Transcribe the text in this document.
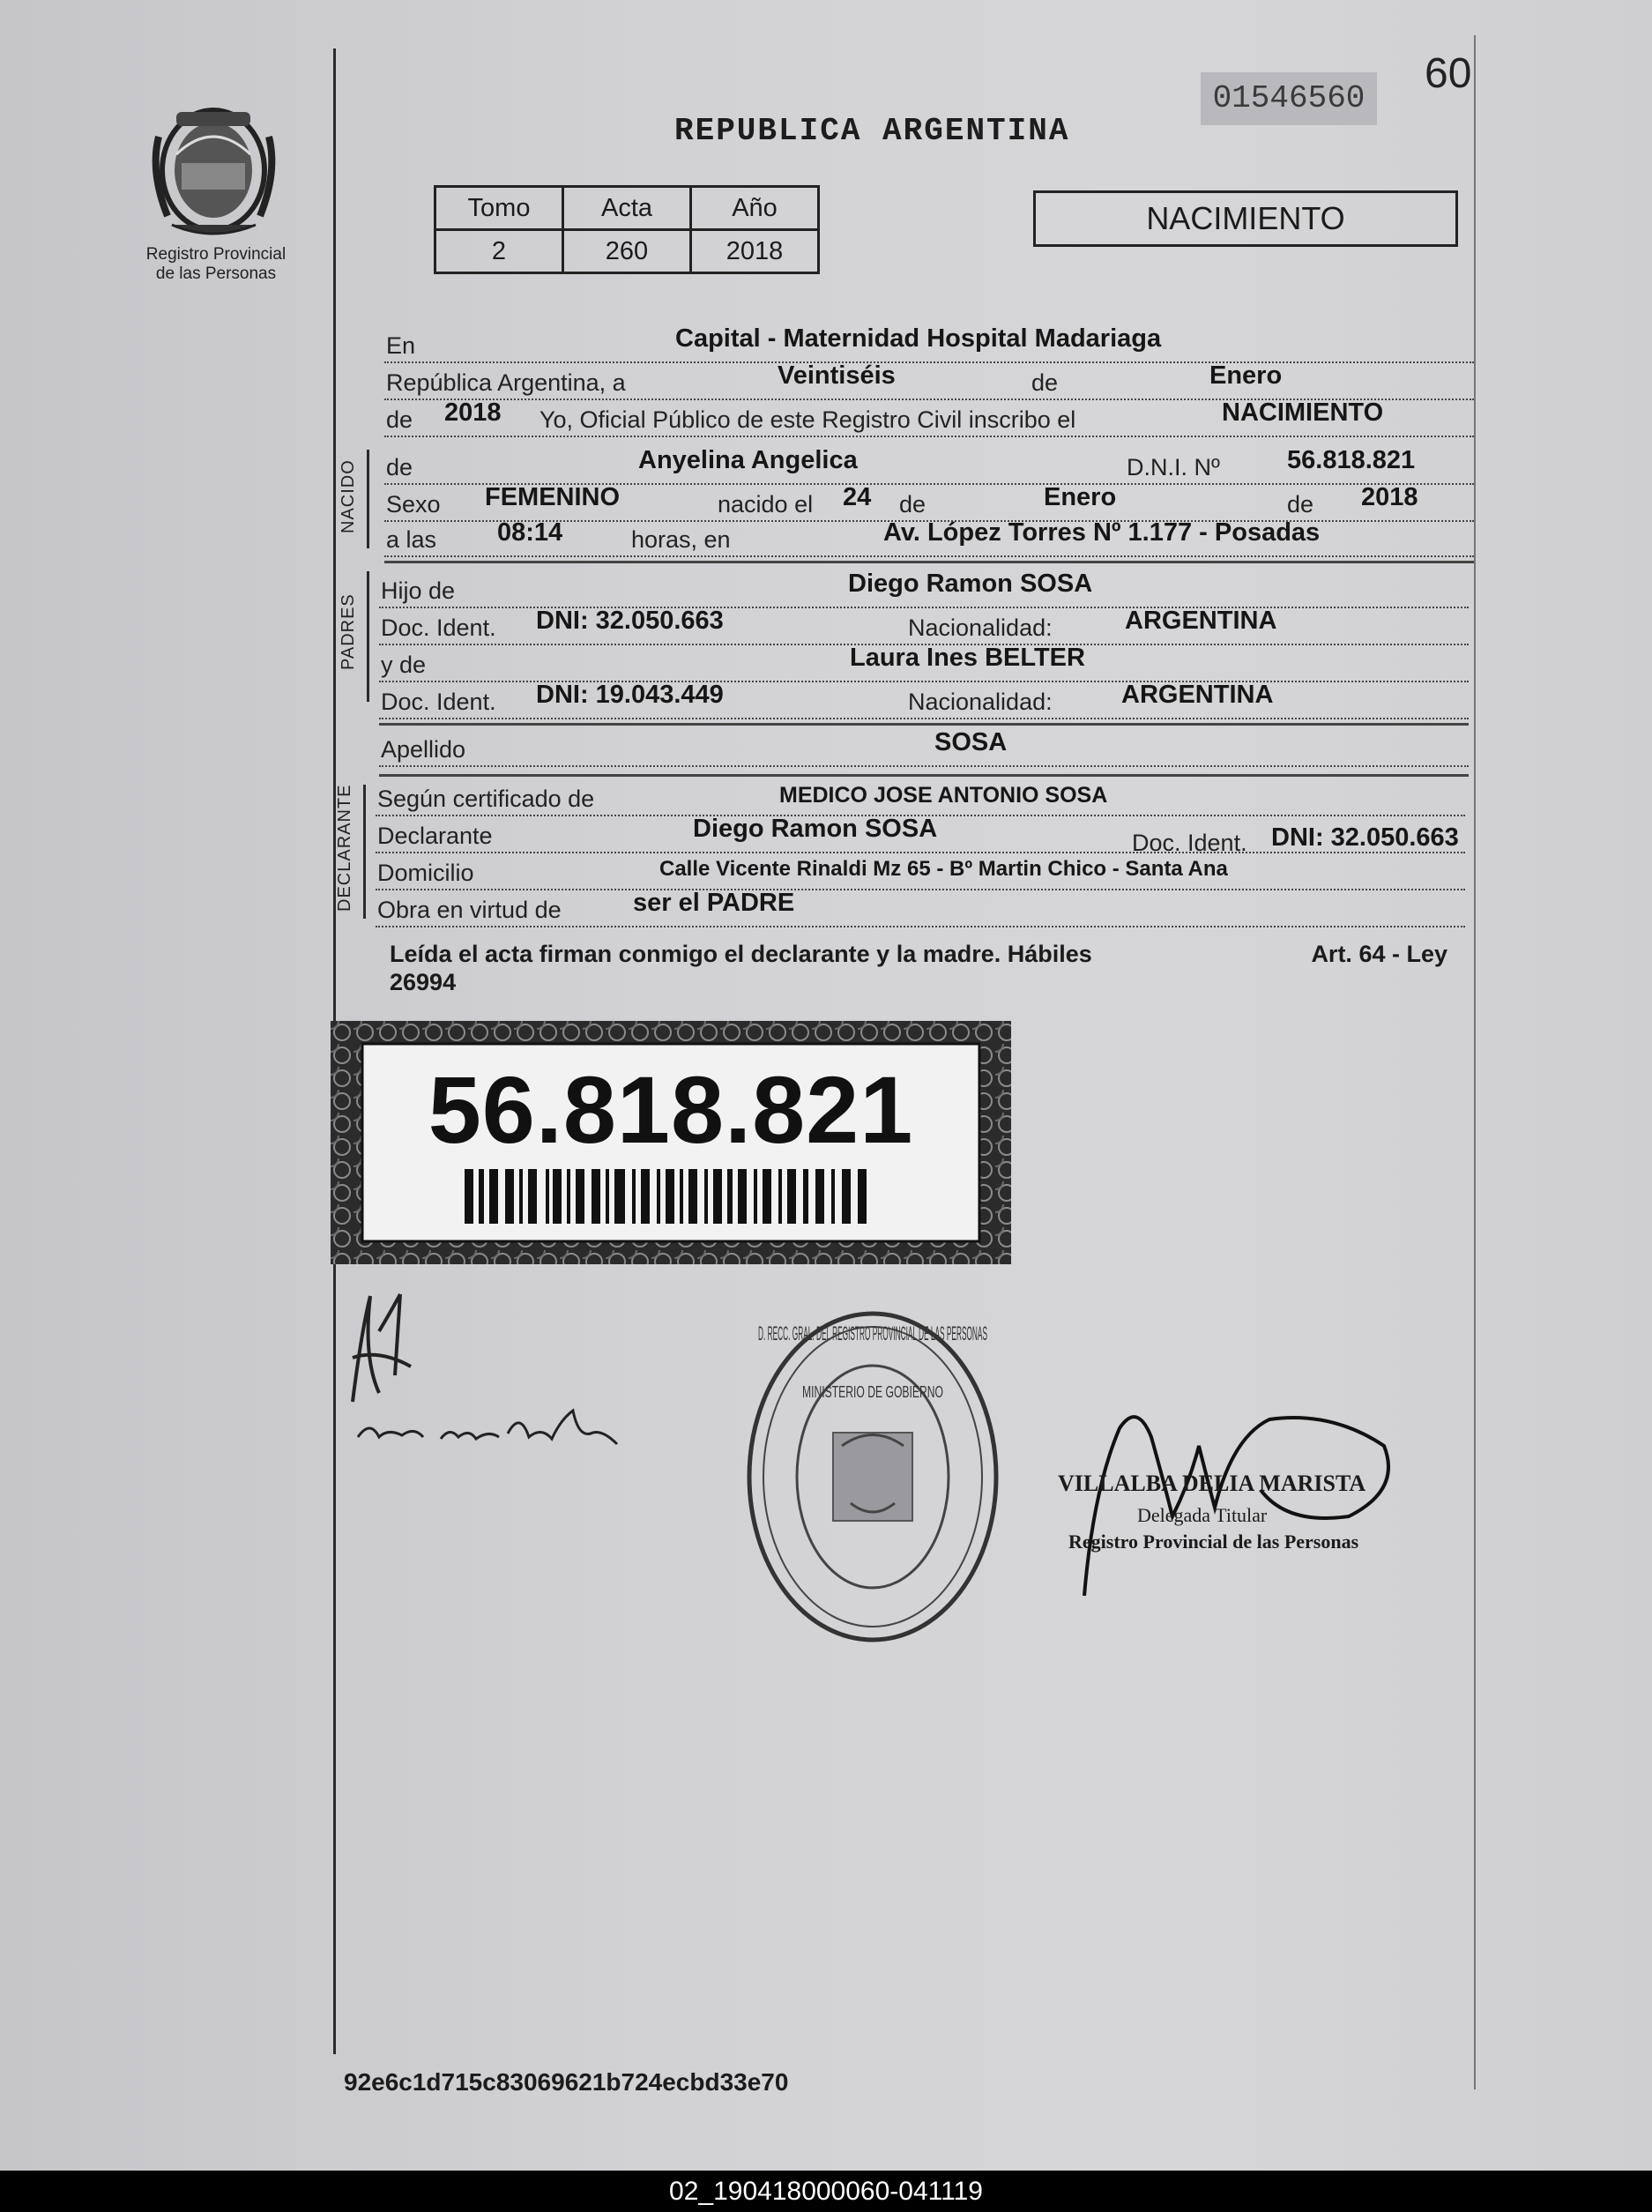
Registro Provincial
de las Personas
REPUBLICA ARGENTINA
01546560
60
Tomo	Acta	Año
2	260	2018
NACIMIENTO
En	Capital - Maternidad Hospital Madariaga
República Argentina, a	Veintiséis	de	Enero
de 2018 Yo, Oficial Público de este Registro Civil inscribo el	NACIMIENTO
NACIDO de	Anyelina Angelica	D.N.I. Nº	56.818.821
Sexo FEMENINO	nacido el 24 de	Enero	de 2018
a las 08:14	horas, en	Av. López Torres Nº 1.177 - Posadas
PADRES
Hijo de	Diego Ramon SOSA
Doc. Ident. DNI: 32.050.663	Nacionalidad:	ARGENTINA
y de	Laura Ines BELTER
Doc. Ident. DNI: 19.043.449	Nacionalidad:	ARGENTINA
Apellido	SOSA
DECLARANTE Según certificado de	MEDICO JOSE ANTONIO SOSA
Declarante	Diego Ramon SOSA	Doc. Ident. DNI: 32.050.663
Domicilio	Calle Vicente Rinaldi Mz 65 - Bº Martin Chico - Santa Ana
Obra en virtud de	ser el PADRE
Art. 64 - Ley
Leída el acta firman conmigo el declarante y la madre. Hábiles
26994
56.818.821
D. RECC. GRAL. DEL REGISTRO PROVINCIAL DE LAS PERSONAS
MINISTERIO DE GOBIERNO
VILLALBA DELIA MARISTA
Delegada Titular
Registro Provincial de las Personas
92e6c1d715c83069621b724ecbd33e70
02_190418000060-041119
